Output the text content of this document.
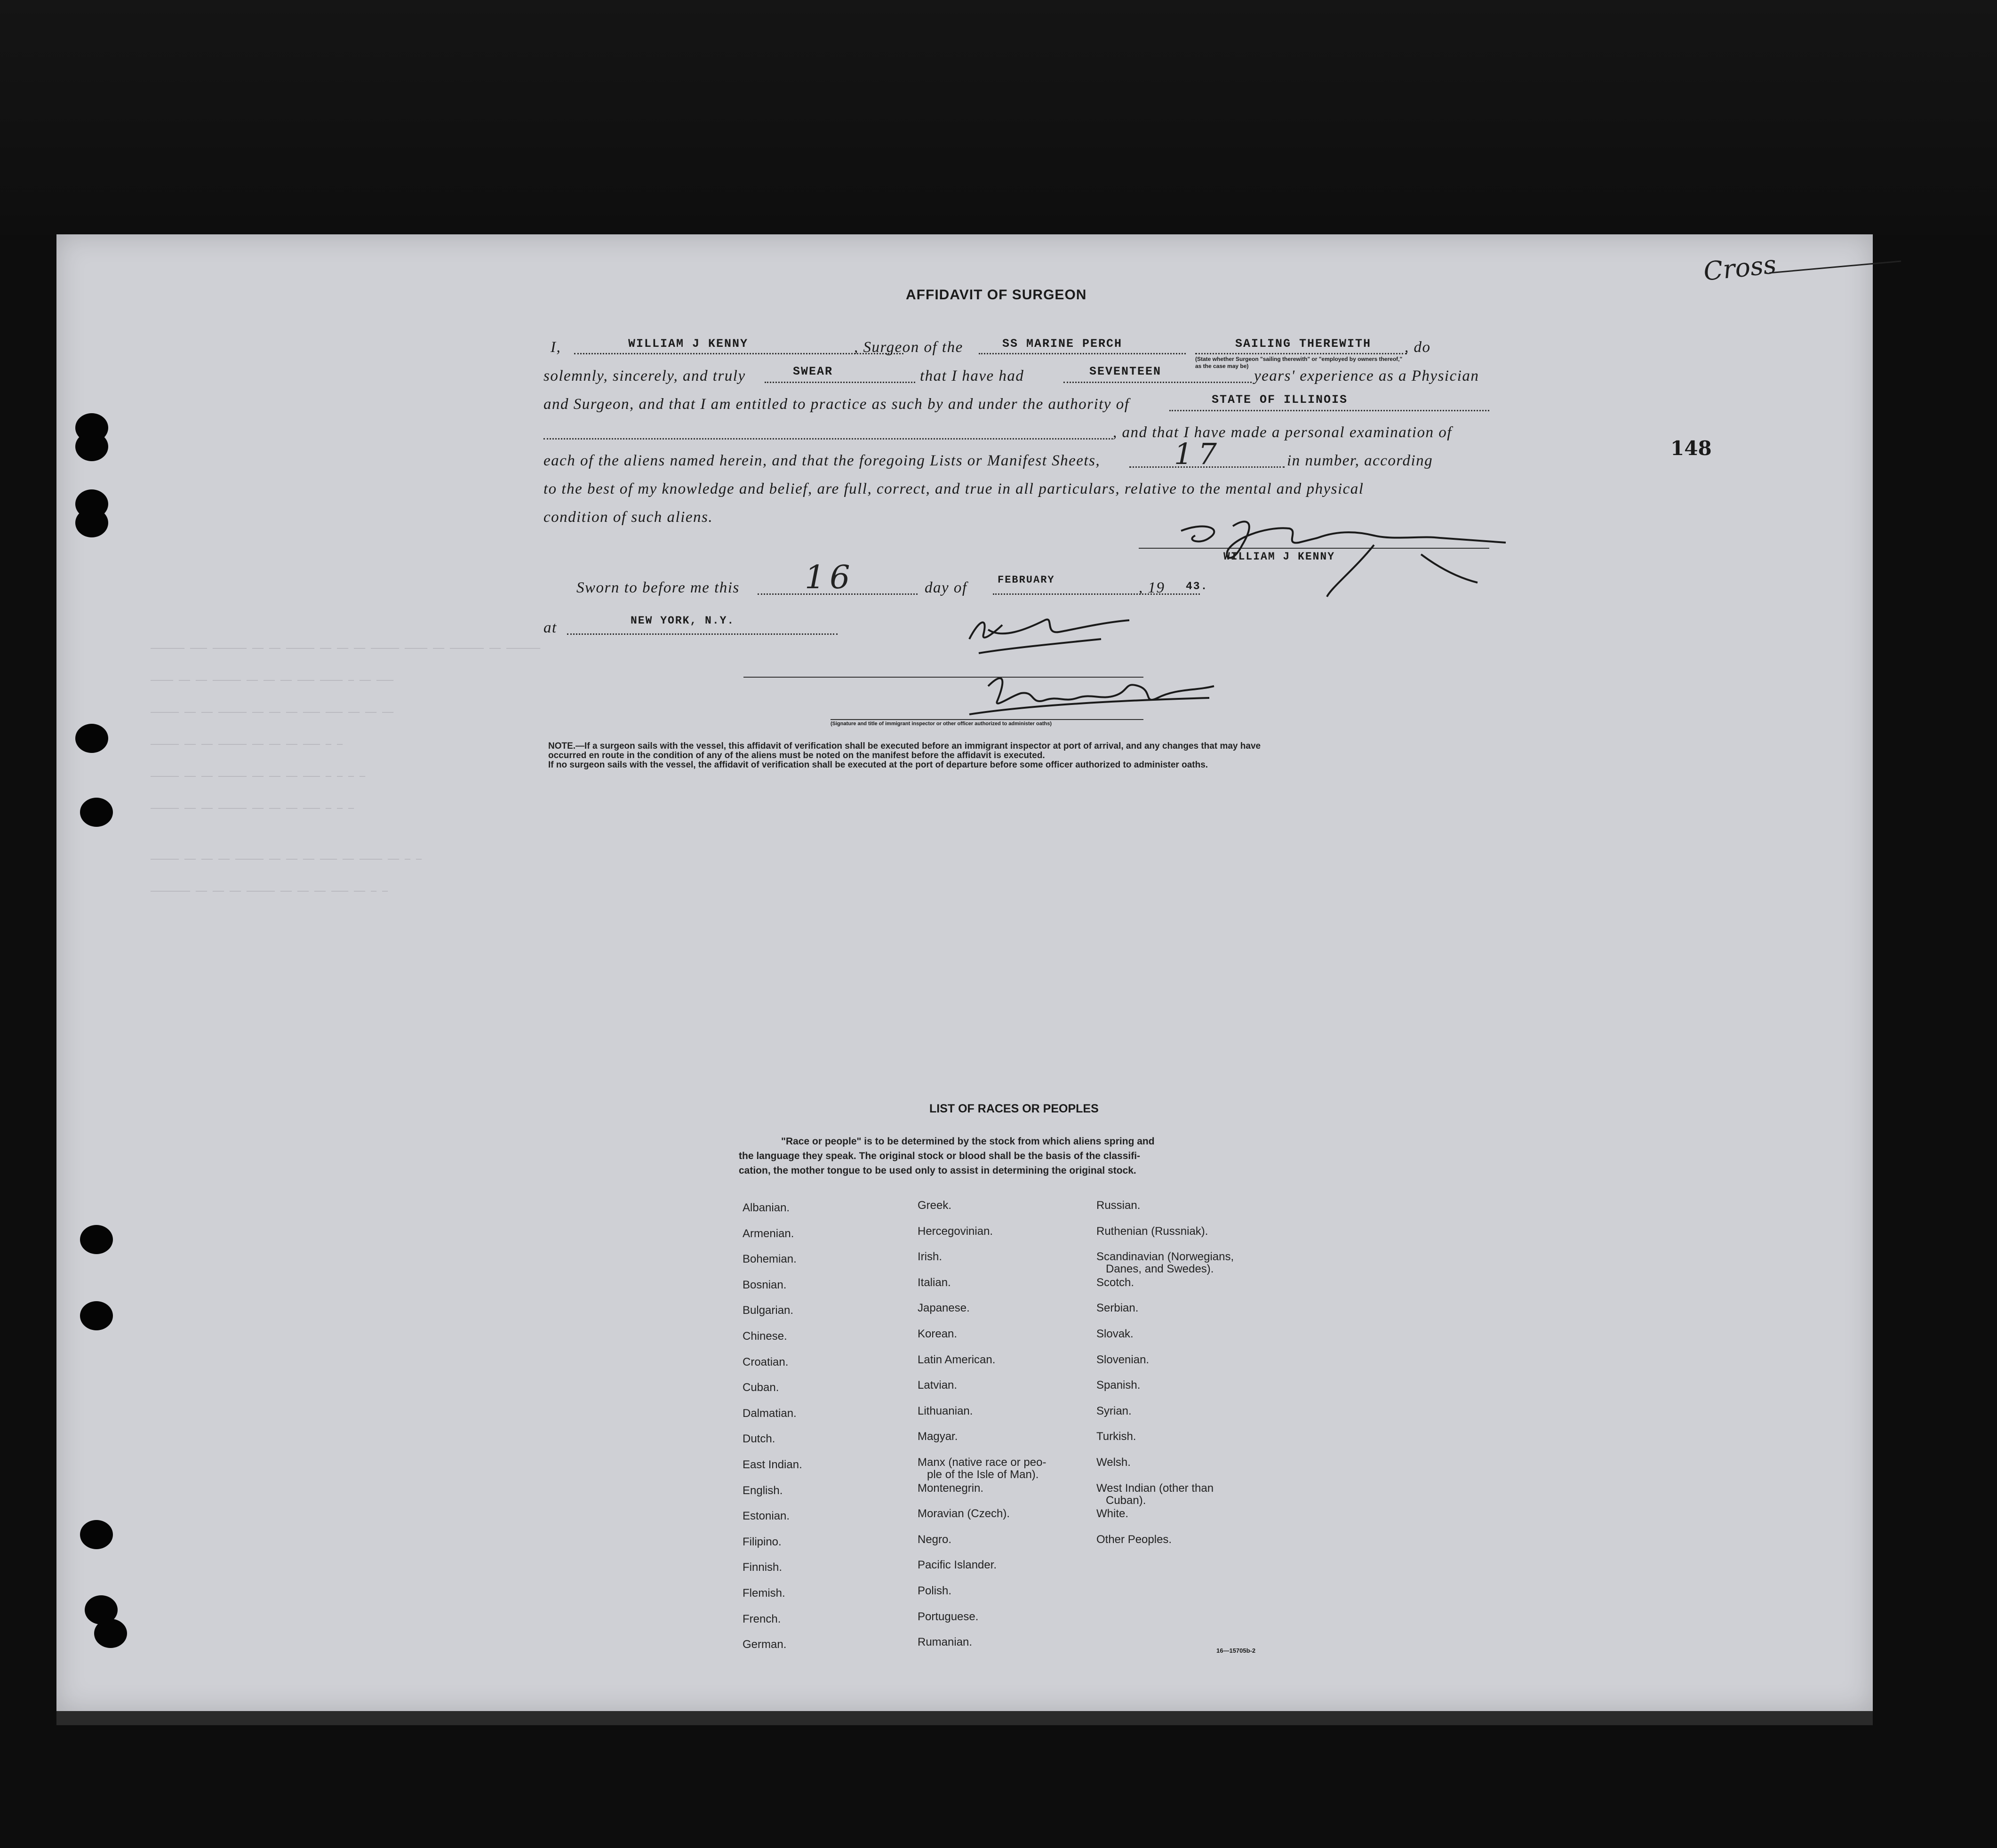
────── ─── ────── ── ── ───── ── ── ── ───── ──── ── ────── ── ──────
──── ── ── ───── ── ── ── ─── ──── ─ ── ───
───── ── ── ───── ── ── ── ─── ─── ── ── ──
───── ── ── ───── ── ── ── ─── ─ ─
───── ── ── ───── ── ── ── ─── ─ ─ ─ ─
───── ── ── ───── ── ── ── ─── ─ ─ ─
───── ── ── ── ───── ── ── ── ─── ── ──── ── ─ ─
─────── ── ── ── ───── ── ── ── ─── ── ─ ─
Cross
148
AFFIDAVIT OF SURGEON
I,	WILLIAM J KENNY	, Surgeon of the	SS MARINE PERCH	SAILING THEREWITH , do
(State whether Surgeon "sailing therewith" or "employed by owners thereof," as the case may be)
solemnly, sincerely, and truly	SWEAR	that I have had	SEVENTEEN	years' experience as a Physician
and Surgeon, and that I am entitled to practice as such by and under the authority of	STATE OF ILLINOIS
, and that I have made a personal examination of
each of the aliens named herein, and that the foregoing Lists or Manifest Sheets,	17	in number, according
to the best of my knowledge and belief, are full, correct, and true in all particulars, relative to the mental and physical
condition of such aliens.
WILLIAM J KENNY
Sworn to before me this 16	day of	FEBRUARY	, 19 43.
at	NEW YORK, N.Y.
(Signature and title of immigrant inspector or other officer authorized to administer oaths)
NOTE.—If a surgeon sails with the vessel, this affidavit of verification shall be executed before an immigrant inspector at port of arrival, and any changes that may have
occurred en route in the condition of any of the aliens must be noted on the manifest before the affidavit is executed.
If no surgeon sails with the vessel, the affidavit of verification shall be executed at the port of departure before some officer authorized to administer oaths.
LIST OF RACES OR PEOPLES
"Race or people" is to be determined by the stock from which aliens spring and
the language they speak. The original stock or blood shall be the basis of the classifi-
cation, the mother tongue to be used only to assist in determining the original stock.
Albanian.
Armenian.
Bohemian.
Bosnian.
Bulgarian.
Chinese.
Croatian.
Cuban.
Dalmatian.
Dutch.
East Indian.
English.
Estonian.
Filipino.
Finnish.
Flemish.
French.
German.
Greek.
Hercegovinian.
Irish.
Italian.
Japanese.
Korean.
Latin American.
Latvian.
Lithuanian.
Magyar.
Manx (native race or peo-
ple of the Isle of Man).
Montenegrin.
Moravian (Czech).
Negro.
Pacific Islander.
Polish.
Portuguese.
Rumanian.
Russian.
Ruthenian (Russniak).
Scandinavian (Norwegians,
Danes, and Swedes).
Scotch.
Serbian.
Slovak.
Slovenian.
Spanish.
Syrian.
Turkish.
Welsh.
West Indian (other than
Cuban).
White.
Other Peoples.
16—15705b-2
